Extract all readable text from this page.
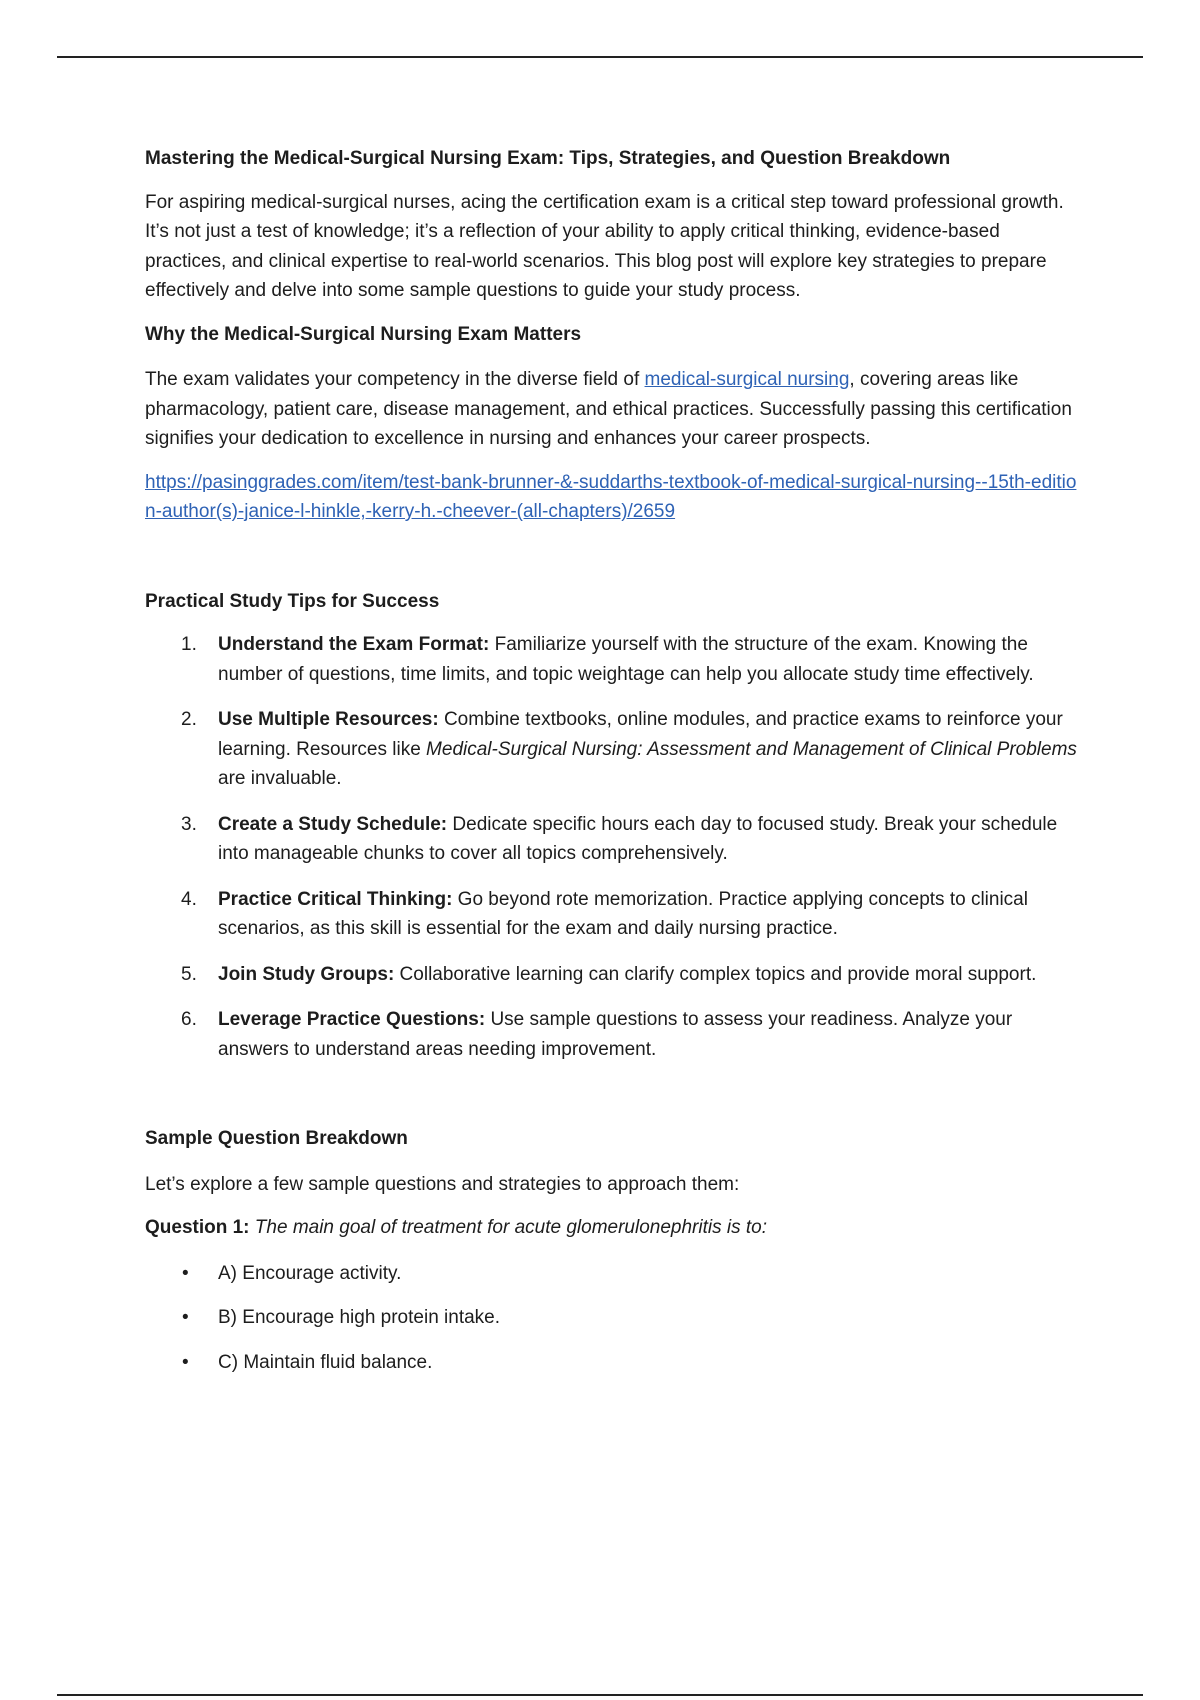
Mastering the Medical-Surgical Nursing Exam: Tips, Strategies, and Question Breakdown

For aspiring medical-surgical nurses, acing the certification exam is a critical step toward professional growth. It’s not just a test of knowledge; it’s a reflection of your ability to apply critical thinking, evidence-based practices, and clinical expertise to real-world scenarios. This blog post will explore key strategies to prepare effectively and delve into some sample questions to guide your study process.

Why the Medical-Surgical Nursing Exam Matters

The exam validates your competency in the diverse field of medical-surgical nursing, covering areas like pharmacology, patient care, disease management, and ethical practices. Successfully passing this certification signifies your dedication to excellence in nursing and enhances your career prospects.

https://pasinggrades.com/item/test-bank-brunner-&-suddarths-textbook-of-medical-surgical-nursing--15th-edition-author(s)-janice-l-hinkle,-kerry-h.-cheever-(all-chapters)/2659
Practical Study Tips for Success
1. Understand the Exam Format: Familiarize yourself with the structure of the exam. Knowing the number of questions, time limits, and topic weightage can help you allocate study time effectively.
2. Use Multiple Resources: Combine textbooks, online modules, and practice exams to reinforce your learning. Resources like Medical-Surgical Nursing: Assessment and Management of Clinical Problems are invaluable.
3. Create a Study Schedule: Dedicate specific hours each day to focused study. Break your schedule into manageable chunks to cover all topics comprehensively.
4. Practice Critical Thinking: Go beyond rote memorization. Practice applying concepts to clinical scenarios, as this skill is essential for the exam and daily nursing practice.
5. Join Study Groups: Collaborative learning can clarify complex topics and provide moral support.
6. Leverage Practice Questions: Use sample questions to assess your readiness. Analyze your answers to understand areas needing improvement.
Sample Question Breakdown

Let’s explore a few sample questions and strategies to approach them:

Question 1: The main goal of treatment for acute glomerulonephritis is to:

• A) Encourage activity.
• B) Encourage high protein intake.
• C) Maintain fluid balance.
